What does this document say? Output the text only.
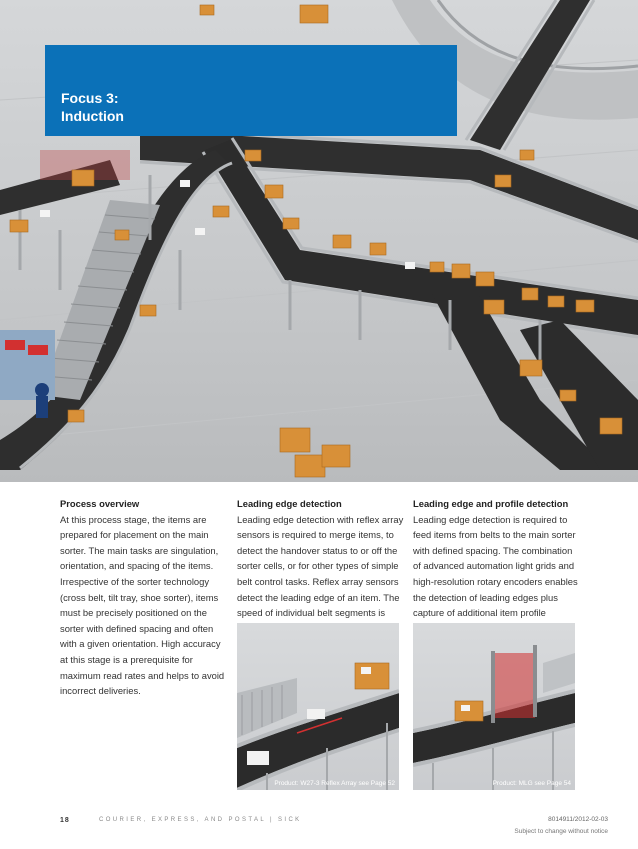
Focus 3:
Induction
Process overview

At this process stage, the items are prepared for placement on the main sorter. The main tasks are singulation, orientation, and spacing of the items. Irrespective of the sorter technology (cross belt, tilt tray, shoe sorter), items must be precisely positioned on the sorter with defined spacing and often with a given orientation. High accuracy at this stage is a prerequisite for maximum read rates and helps to avoid incorrect deliveries.

Leading edge detection

Leading edge detection with reflex array sensors is required to merge items, to detect the handover status to or off the sorter cells, or for other types of simple belt control tasks. Reflex array sensors detect the leading edge of an item. The speed of individual belt segments is

Leading edge and profile detection

Leading edge detection is required to feed items from belts to the main sorter with defined spacing. The combination of advanced automation light grids and high-resolution rotary encoders enables the detection of leading edges plus capture of additional item profile

Product: W27-3 Reflex Array see Page 52	Product: MLG see Page 54
18	COURIER, EXPRESS, AND POSTAL | SICK	8014911/2012-02-03
Subject to change without notice
